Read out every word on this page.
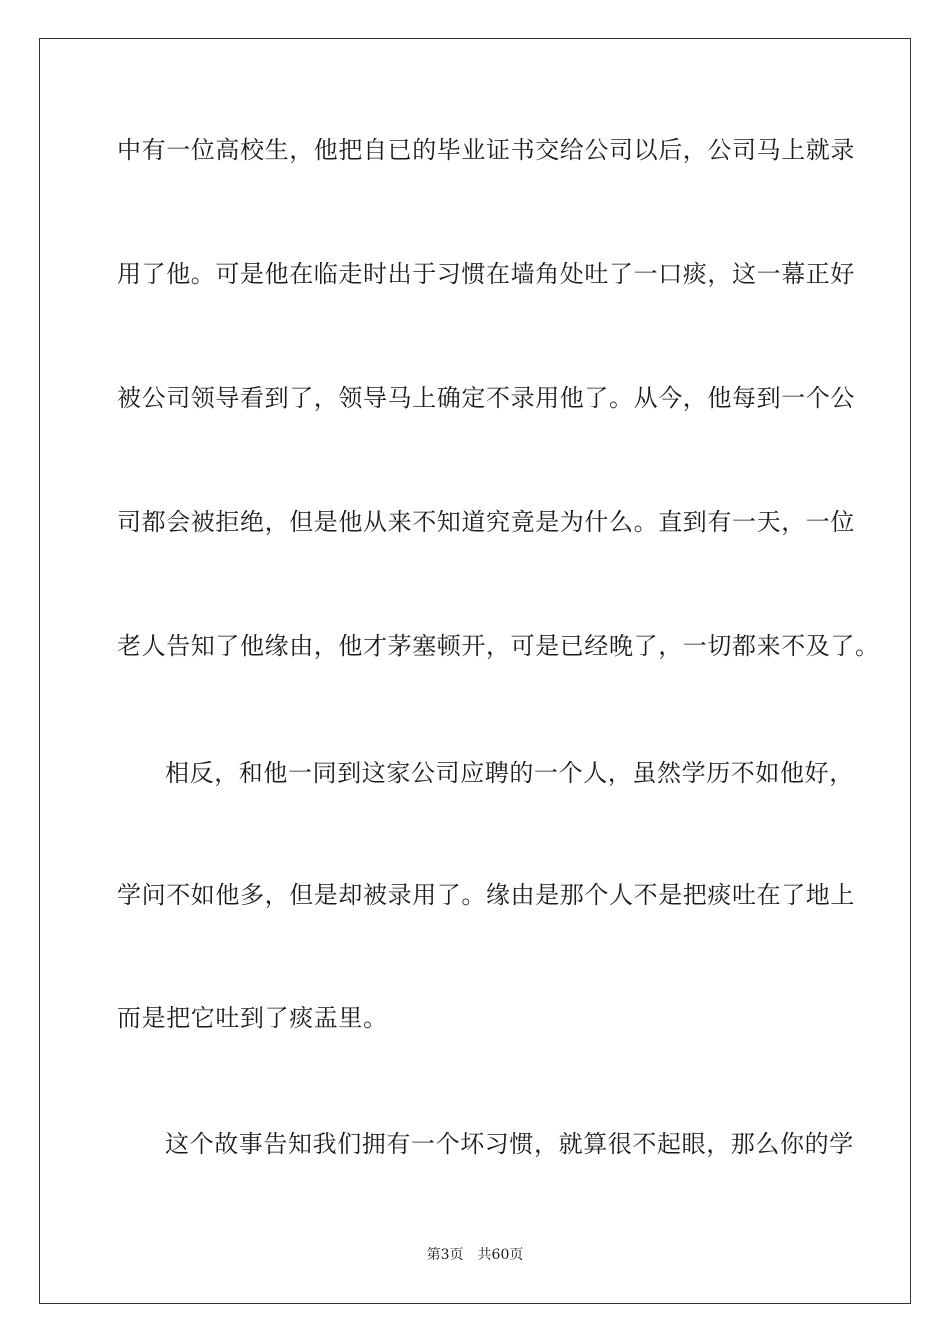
中有一位高校生，他把自已的毕业证书交给公司以后，公司马上就录
用了他。可是他在临走时出于习惯在墙角处吐了一口痰，这一幕正好
被公司领导看到了，领导马上确定不录用他了。从今，他每到一个公
司都会被拒绝，但是他从来不知道究竟是为什么。直到有一天，一位
老人告知了他缘由，他才茅塞顿开，可是已经晚了，一切都来不及了。
相反，和他一同到这家公司应聘的一个人，虽然学历不如他好，
学问不如他多，但是却被录用了。缘由是那个人不是把痰吐在了地上
而是把它吐到了痰盂里。
这个故事告知我们拥有一个坏习惯，就算很不起眼，那么你的学
第3页 共60页
